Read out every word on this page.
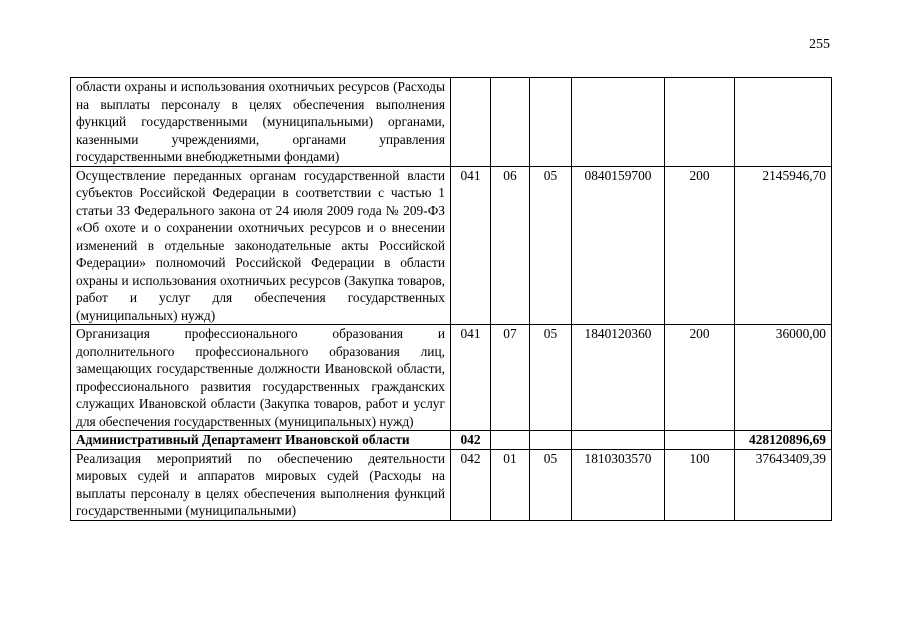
255
области охраны и использования охотничьих ресурсов (Расходы на выплаты персоналу в целях обеспечения выполнения функций государственными (муниципальными) органами, казенными учреждениями, органами управления государственными внебюджетными фондами)						
Осуществление переданных органам государственной власти субъектов Российской Федерации в соответствии с частью 1 статьи 33 Федерального закона от 24 июля 2009 года № 209-ФЗ «Об охоте и о сохранении охотничьих ресурсов и о внесении изменений в отдельные законодательные акты Российской Федерации» полномочий Российской Федерации в области охраны и использования охотничьих ресурсов (Закупка товаров, работ и услуг для обеспечения государственных (муниципальных) нужд)	041	06	05	0840159700	200	2145946,70
Организация профессионального образования и дополнительного профессионального образования лиц, замещающих государственные должности Ивановской области, профессионального развития государственных гражданских служащих Ивановской области (Закупка товаров, работ и услуг для обеспечения государственных (муниципальных) нужд)	041	07	05	1840120360	200	36000,00
Административный Департамент Ивановской области	042					428120896,69
Реализация мероприятий по обеспечению деятельности мировых судей и аппаратов мировых судей (Расходы на выплаты персоналу в целях обеспечения выполнения функций государственными (муниципальными)	042	01	05	1810303570	100	37643409,39
